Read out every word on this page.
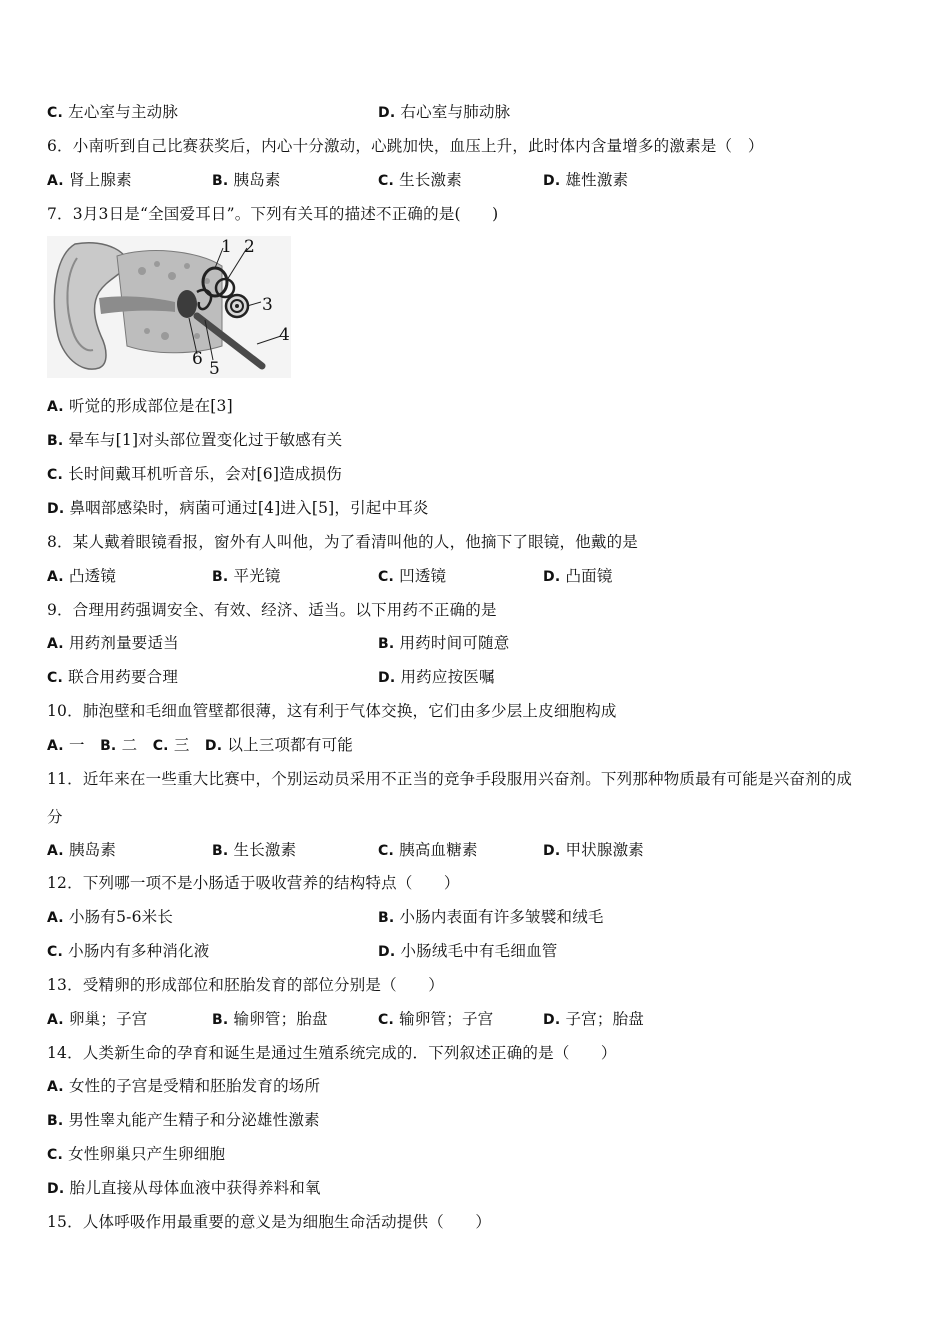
C. 左心室与主动脉	D. 右心室与肺动脉
6．小南听到自己比赛获奖后，内心十分激动，心跳加快，血压上升，此时体内含量增多的激素是（　）
A. 肾上腺素	B. 胰岛素	C. 生长激素	D. 雄性激素
7．3月3日是“全国爱耳日”。下列有关耳的描述不正确的是(　　)
1 2
3
4
5
6
A. 听觉的形成部位是在[3]
B. 晕车与[1]对头部位置变化过于敏感有关
C. 长时间戴耳机听音乐，会对[6]造成损伤
D. 鼻咽部感染时，病菌可通过[4]进入[5]，引起中耳炎
8．某人戴着眼镜看报，窗外有人叫他，为了看清叫他的人，他摘下了眼镜，他戴的是
A. 凸透镜	B. 平光镜	C. 凹透镜	D. 凸面镜
9．合理用药强调安全、有效、经济、适当。以下用药不正确的是
A. 用药剂量要适当	B. 用药时间可随意
C. 联合用药要合理	D. 用药应按医嘱
10．肺泡壁和毛细血管壁都很薄，这有利于气体交换，它们由多少层上皮细胞构成
A. 一 B. 二 C. 三 D. 以上三项都有可能
11．近年来在一些重大比赛中，个别运动员采用不正当的竞争手段服用兴奋剂。下列那种物质最有可能是兴奋剂的成
分
A. 胰岛素	B. 生长激素	C. 胰高血糖素	D. 甲状腺激素
12．下列哪一项不是小肠适于吸收营养的结构特点（　　）
A. 小肠有5-6米长	B. 小肠内表面有许多皱襞和绒毛
C. 小肠内有多种消化液	D. 小肠绒毛中有毛细血管
13．受精卵的形成部位和胚胎发育的部位分别是（　　）
A. 卵巢；子宫	B. 输卵管；胎盘	C. 输卵管；子宫	D. 子宫；胎盘
14．人类新生命的孕育和诞生是通过生殖系统完成的．下列叙述正确的是（　　）
A. 女性的子宫是受精和胚胎发育的场所
B. 男性睾丸能产生精子和分泌雄性激素
C. 女性卵巢只产生卵细胞
D. 胎儿直接从母体血液中获得养料和氧
15．人体呼吸作用最重要的意义是为细胞生命活动提供（　　）
